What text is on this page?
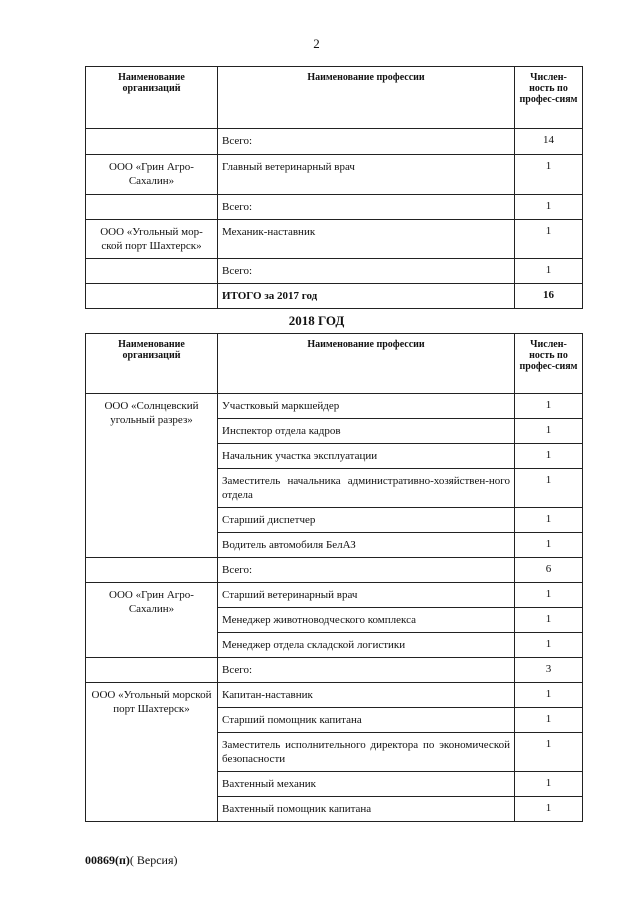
2
Наименование организаций	Наименование профессии	Числен-ность по профес-сиям

	Всего:	14

ООО «Грин Агро-Сахалин»	Главный ветеринарный врач	1

	Всего:	1

ООО «Угольный мор-ской порт Шахтерск»	Механик-наставник	1

	Всего:	1

	ИТОГО за 2017 год	16
2018 ГОД
Наименование организаций	Наименование профессии	Числен-ность по профес-сиям

ООО «Солнцевский угольный разрез»	Участковый маркшейдер	1

	Инспектор отдела кадров	1

	Начальник участка эксплуатации	1

	Заместитель начальника административно-хозяйствен-ного отдела	1

	Старший диспетчер	1

	Водитель автомобиля БелАЗ	1

	Всего:	6

ООО «Грин Агро-Сахалин»	Старший ветеринарный врач	1

	Менеджер животноводческого комплекса	1

	Менеджер отдела складской логистики	1

	Всего:	3

ООО «Угольный морской порт Шахтерск»	Капитан-наставник	1

	Старший помощник капитана	1

	Заместитель исполнительного директора по экономической безопасности	1

	Вахтенный механик	1

	Вахтенный помощник капитана	1
00869(п)( Версия)
